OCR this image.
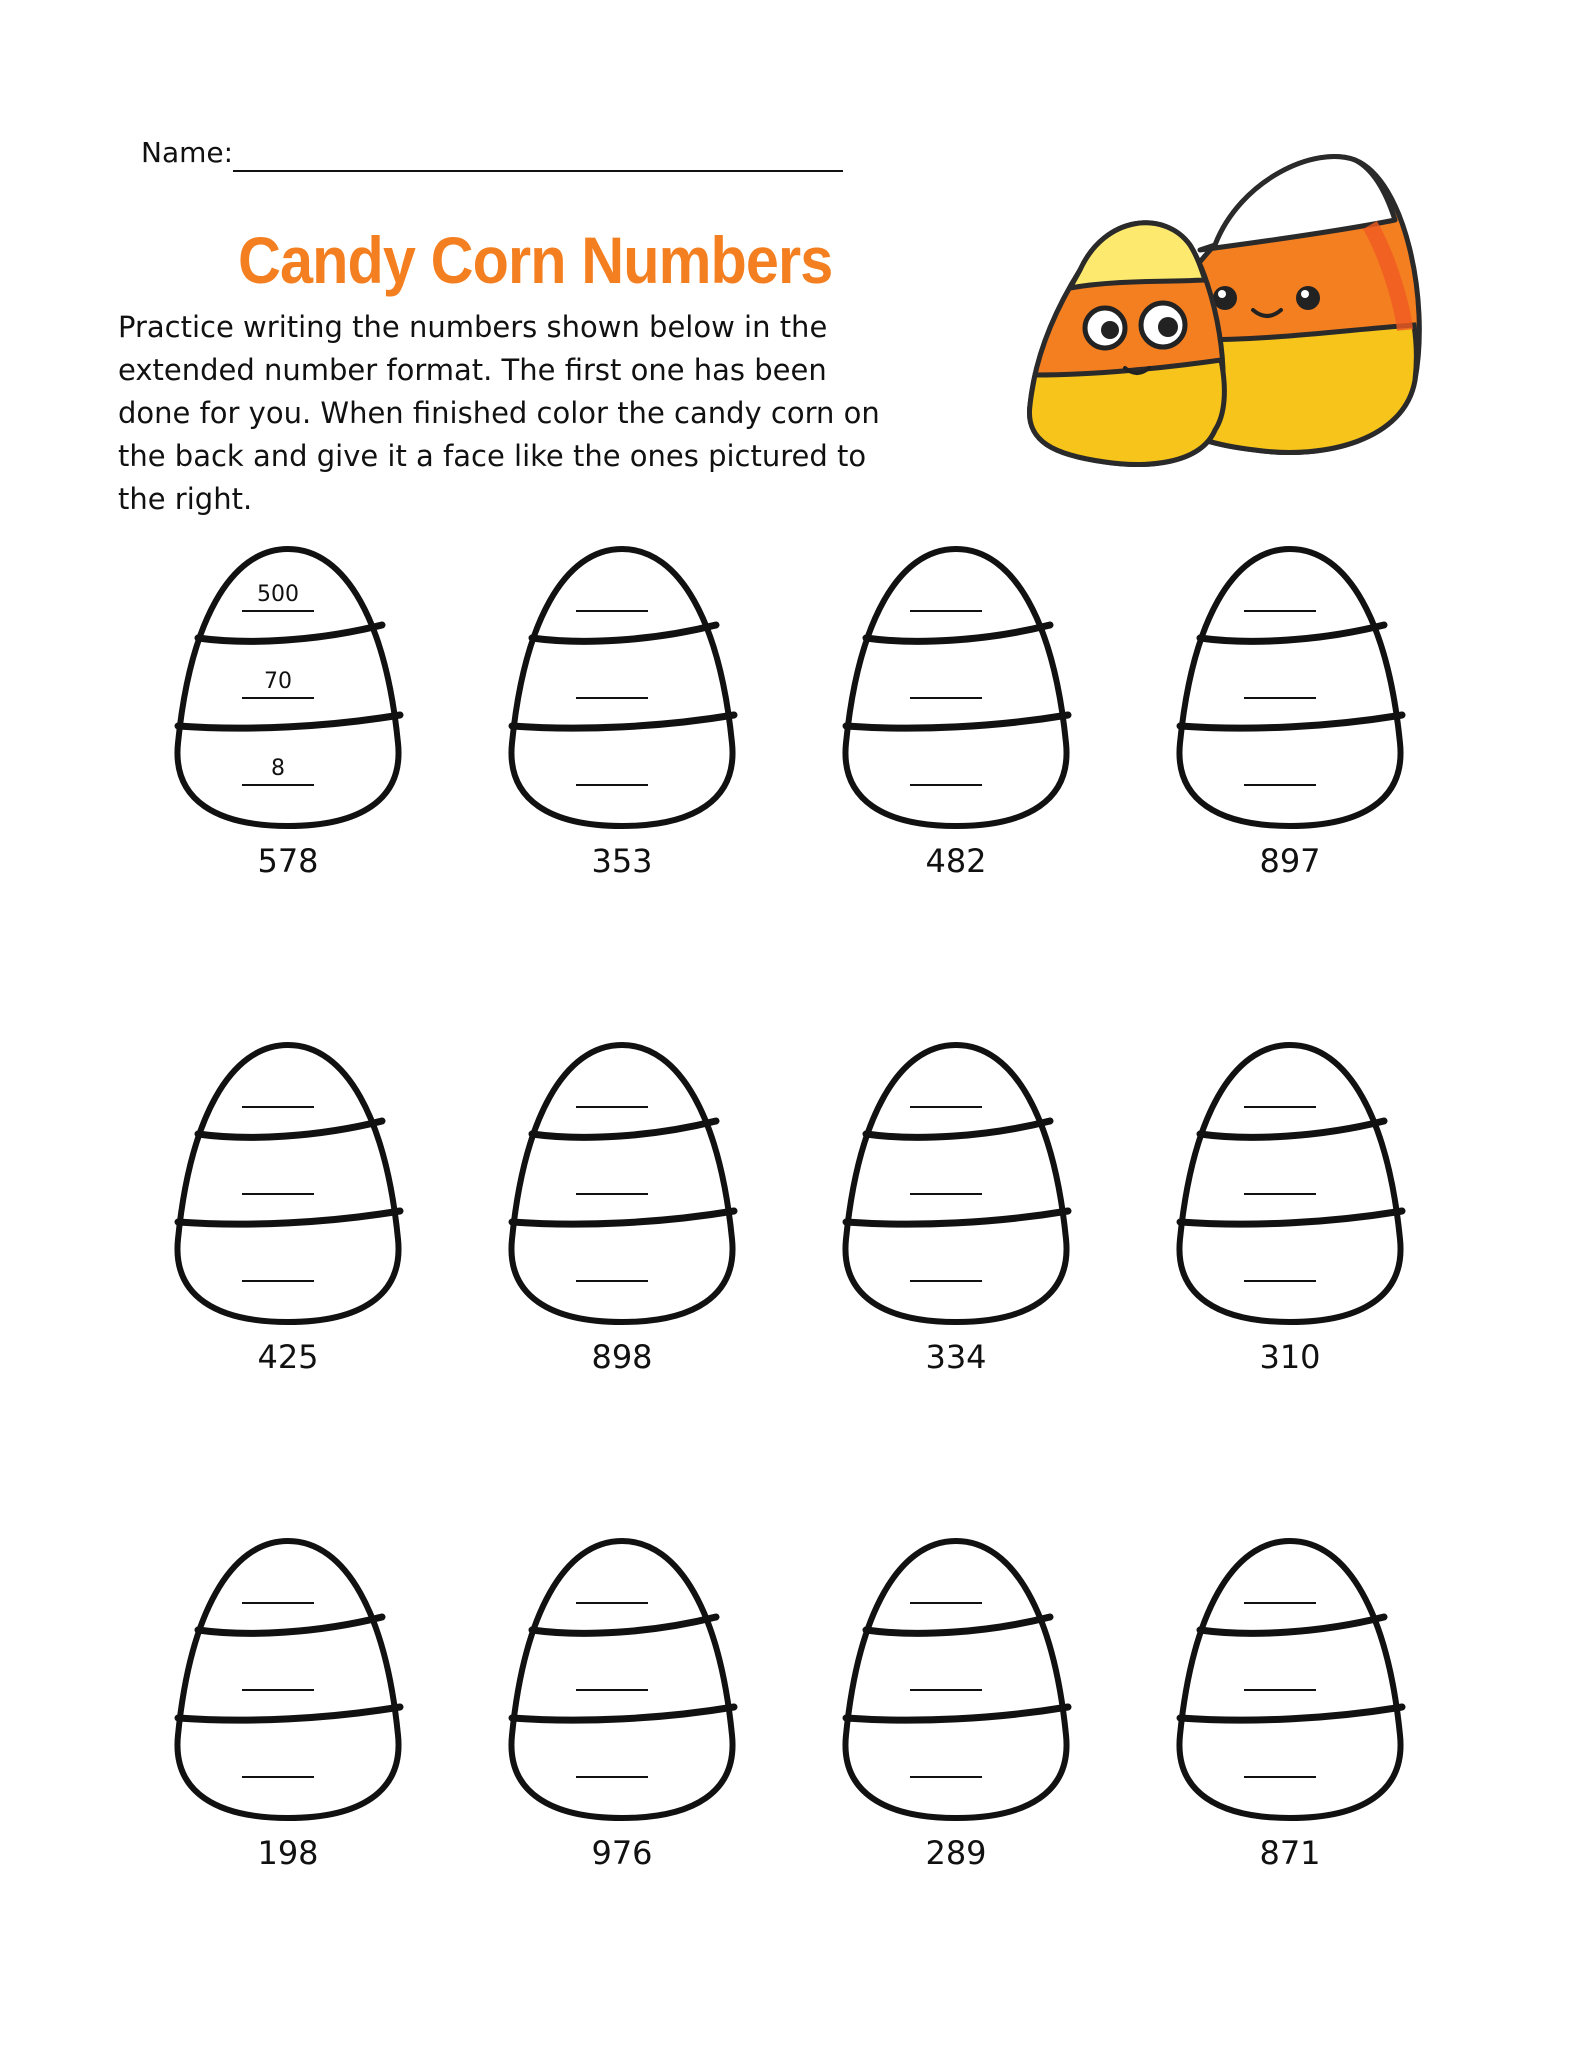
Name:
Candy Corn Numbers

Practice writing the numbers shown below in the extended number format. The first one has been done for you. When finished color the candy corn on the back and give it a face like the ones pictured to the right.

500
70
8
578	353	482	897
425	898	334	310
198	976	289	871
